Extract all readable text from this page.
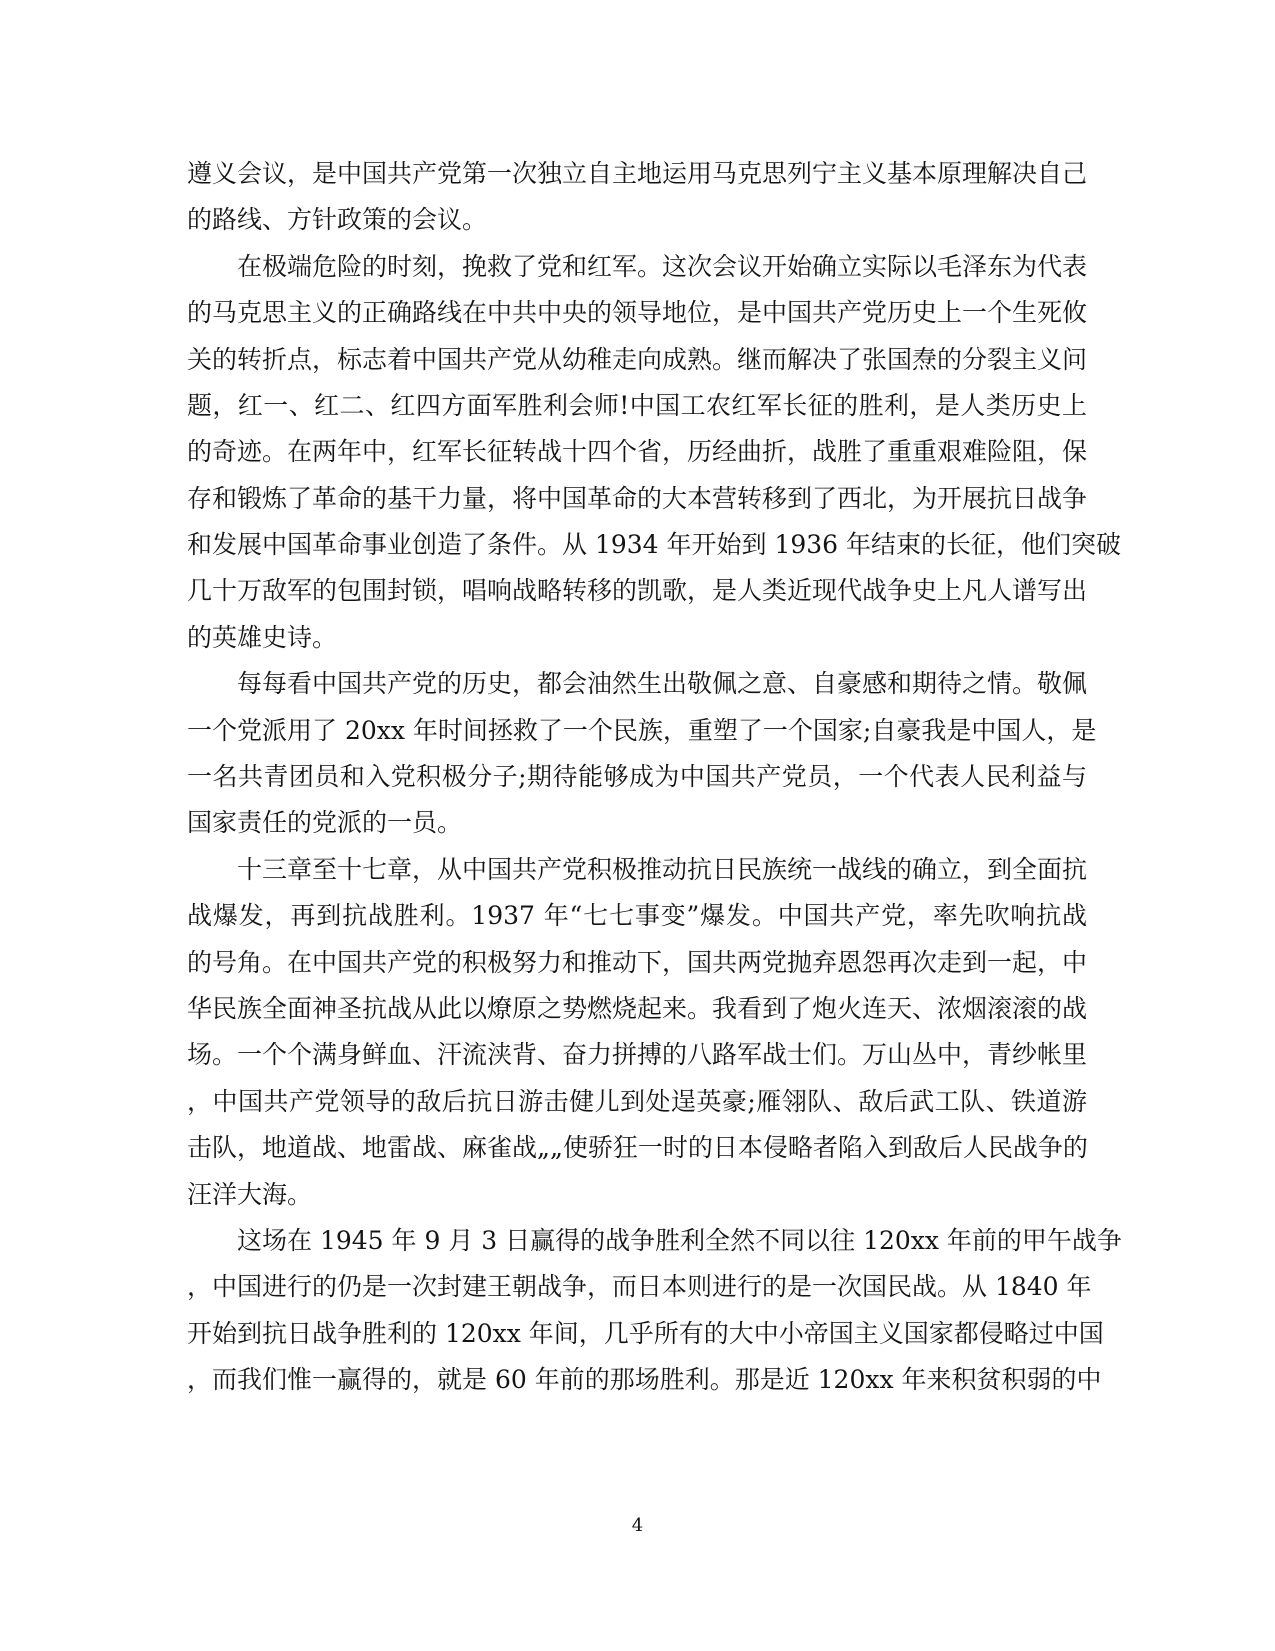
遵义会议，是中国共产党第一次独立自主地运用马克思列宁主义基本原理解决自己
的路线、方针政策的会议。
在极端危险的时刻，挽救了党和红军。这次会议开始确立实际以毛泽东为代表
的马克思主义的正确路线在中共中央的领导地位，是中国共产党历史上一个生死攸
关的转折点，标志着中国共产党从幼稚走向成熟。继而解决了张国焘的分裂主义问
题，红一、红二、红四方面军胜利会师!中国工农红军长征的胜利，是人类历史上
的奇迹。在两年中，红军长征转战十四个省，历经曲折，战胜了重重艰难险阻，保
存和锻炼了革命的基干力量，将中国革命的大本营转移到了西北，为开展抗日战争
和发展中国革命事业创造了条件。从 1934 年开始到 1936 年结束的长征，他们突破
几十万敌军的包围封锁，唱响战略转移的凯歌，是人类近现代战争史上凡人谱写出
的英雄史诗。
每每看中国共产党的历史，都会油然生出敬佩之意、自豪感和期待之情。敬佩
一个党派用了 20xx 年时间拯救了一个民族，重塑了一个国家;自豪我是中国人，是
一名共青团员和入党积极分子;期待能够成为中国共产党员，一个代表人民利益与
国家责任的党派的一员。
十三章至十七章，从中国共产党积极推动抗日民族统一战线的确立，到全面抗
战爆发，再到抗战胜利。1937 年“七七事变”爆发。中国共产党，率先吹响抗战
的号角。在中国共产党的积极努力和推动下，国共两党抛弃恩怨再次走到一起，中
华民族全面神圣抗战从此以燎原之势燃烧起来。我看到了炮火连天、浓烟滚滚的战
场。一个个满身鲜血、汗流浃背、奋力拼搏的八路军战士们。万山丛中，青纱帐里
，中国共产党领导的敌后抗日游击健儿到处逞英豪;雁翎队、敌后武工队、铁道游
击队，地道战、地雷战、麻雀战„„使骄狂一时的日本侵略者陷入到敌后人民战争的
汪洋大海。
这场在 1945 年 9 月 3 日赢得的战争胜利全然不同以往 120xx 年前的甲午战争
，中国进行的仍是一次封建王朝战争，而日本则进行的是一次国民战。从 1840 年
开始到抗日战争胜利的 120xx 年间，几乎所有的大中小帝国主义国家都侵略过中国
，而我们惟一赢得的，就是 60 年前的那场胜利。那是近 120xx 年来积贫积弱的中
4
